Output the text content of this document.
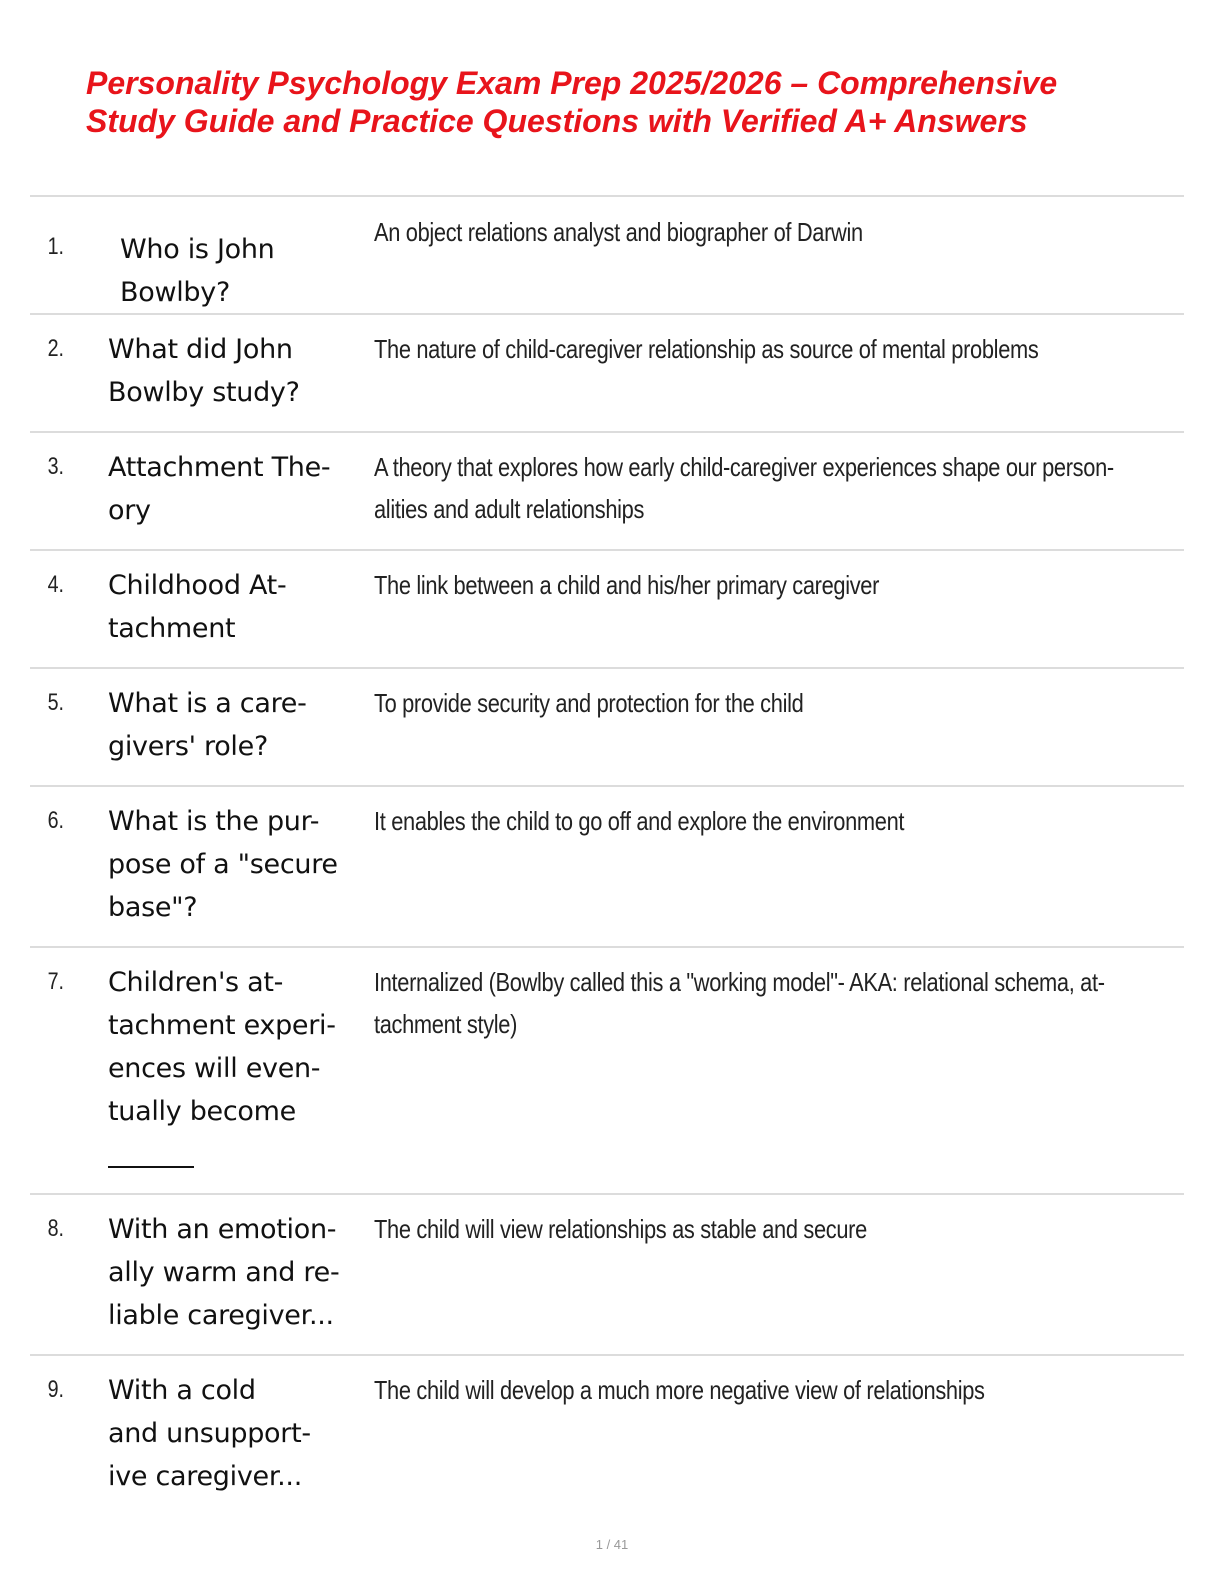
Personality Psychology Exam Prep 2025/2026 – Comprehensive
Study Guide and Practice Questions with Verified A+ Answers
1. Who is John
Bowlby?
An object relations analyst and biographer of Darwin
2. What did John
Bowlby study?
The nature of child-caregiver relationship as source of mental problems
3. Attachment The-
ory
A theory that explores how early child-caregiver experiences shape our person-
alities and adult relationships
4. Childhood At-
tachment
The link between a child and his/her primary caregiver
5. What is a care-
givers' role?
To provide security and protection for the child
6. What is the pur-
pose of a "secure
base"?
It enables the child to go off and explore the environment
7. Children's at-
tachment experi-
ences will even-
tually become
Internalized (Bowlby called this a "working model"- AKA: relational schema, at-
tachment style)
8. With an emotion-
ally warm and re-
liable caregiver...
The child will view relationships as stable and secure
9. With a cold
and unsupport-
ive caregiver...
The child will develop a much more negative view of relationships
1 / 41
